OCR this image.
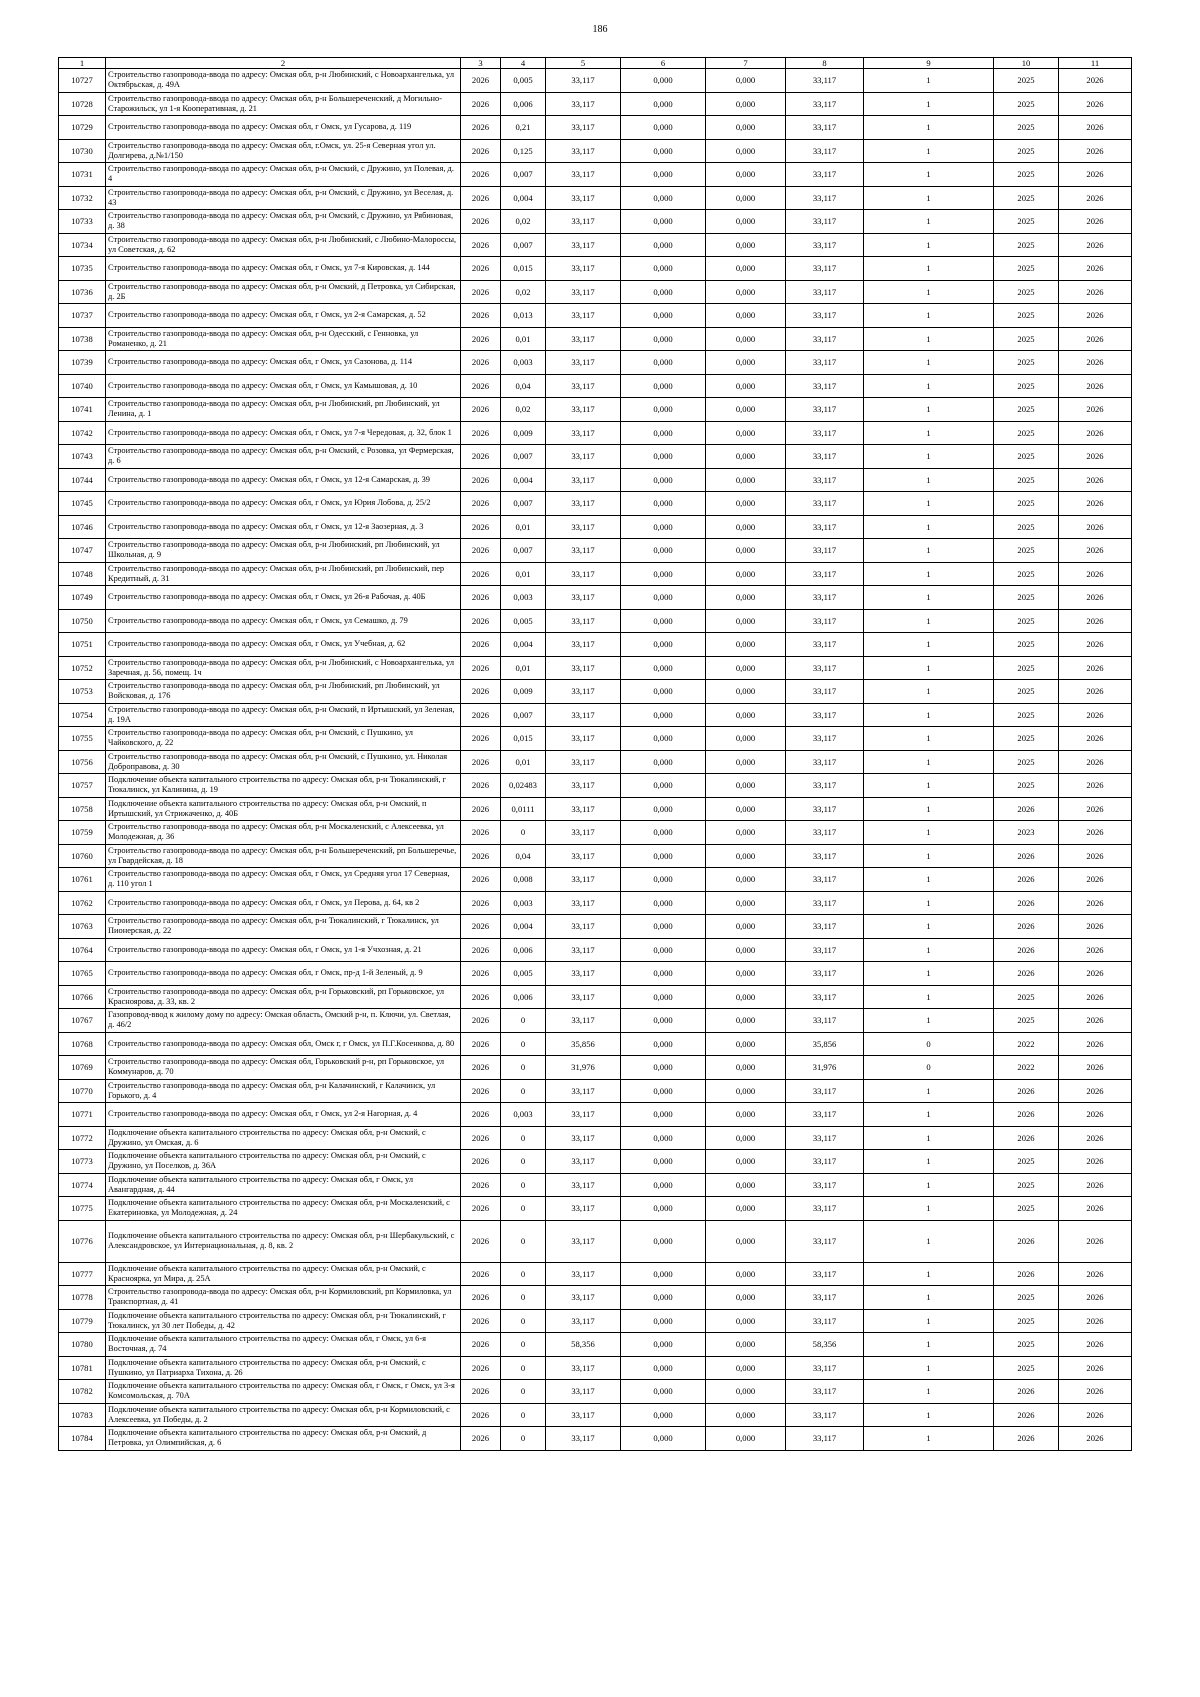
186
1	2	3	4	5	6	7	8	9	10	11
10727	Строительство газопровода-ввода по адресу: Омская обл, р-н Любинский, с Новоархангелька, ул Октябрьская, д. 49А	2026	0,005	33,117	0,000	0,000	33,117	1	2025	2026
10728	Строительство газопровода-ввода по адресу: Омская обл, р-н Большереченский, д Могильно-Старожильск, ул 1-я Кооперативная, д. 21	2026	0,006	33,117	0,000	0,000	33,117	1	2025	2026
10729	Строительство газопровода-ввода по адресу: Омская обл, г Омск, ул Гусарова, д. 119	2026	0,21	33,117	0,000	0,000	33,117	1	2025	2026
10730	Строительство газопровода-ввода по адресу: Омская обл, г.Омск, ул. 25-я Северная угол ул. Долгирева, д.№1/150	2026	0,125	33,117	0,000	0,000	33,117	1	2025	2026
10731	Строительство газопровода-ввода по адресу: Омская обл, р-н Омский, с Дружино, ул Полевая, д. 4	2026	0,007	33,117	0,000	0,000	33,117	1	2025	2026
10732	Строительство газопровода-ввода по адресу: Омская обл, р-н Омский, с Дружино, ул Веселая, д. 43	2026	0,004	33,117	0,000	0,000	33,117	1	2025	2026
10733	Строительство газопровода-ввода по адресу: Омская обл, р-н Омский, с Дружино, ул Рябиновая, д. 38	2026	0,02	33,117	0,000	0,000	33,117	1	2025	2026
10734	Строительство газопровода-ввода по адресу: Омская обл, р-н Любинский, с Любино-Малороссы, ул Советская, д. 62	2026	0,007	33,117	0,000	0,000	33,117	1	2025	2026
10735	Строительство газопровода-ввода по адресу: Омская обл, г Омск, ул 7-я Кировская, д. 144	2026	0,015	33,117	0,000	0,000	33,117	1	2025	2026
10736	Строительство газопровода-ввода по адресу: Омская обл, р-н Омский, д Петровка, ул Сибирская, д. 2Б	2026	0,02	33,117	0,000	0,000	33,117	1	2025	2026
10737	Строительство газопровода-ввода по адресу: Омская обл, г Омск, ул 2-я Самарская, д. 52	2026	0,013	33,117	0,000	0,000	33,117	1	2025	2026
10738	Строительство газопровода-ввода по адресу: Омская обл, р-н Одесский, с Генновка, ул Романенко, д. 21	2026	0,01	33,117	0,000	0,000	33,117	1	2025	2026
10739	Строительство газопровода-ввода по адресу: Омская обл, г Омск, ул Сазонова, д. 114	2026	0,003	33,117	0,000	0,000	33,117	1	2025	2026
10740	Строительство газопровода-ввода по адресу: Омская обл, г Омск, ул Камышовая, д. 10	2026	0,04	33,117	0,000	0,000	33,117	1	2025	2026
10741	Строительство газопровода-ввода по адресу: Омская обл, р-н Любинский, рп Любинский, ул Ленина, д. 1	2026	0,02	33,117	0,000	0,000	33,117	1	2025	2026
10742	Строительство газопровода-ввода по адресу: Омская обл, г Омск, ул 7-я Чередовая, д. 32, блок 1	2026	0,009	33,117	0,000	0,000	33,117	1	2025	2026
10743	Строительство газопровода-ввода по адресу: Омская обл, р-н Омский, с Розовка, ул Фермерская, д. 6	2026	0,007	33,117	0,000	0,000	33,117	1	2025	2026
10744	Строительство газопровода-ввода по адресу: Омская обл, г Омск, ул 12-я Самарская, д. 39	2026	0,004	33,117	0,000	0,000	33,117	1	2025	2026
10745	Строительство газопровода-ввода по адресу: Омская обл, г Омск, ул Юрия Лобова, д. 25/2	2026	0,007	33,117	0,000	0,000	33,117	1	2025	2026
10746	Строительство газопровода-ввода по адресу: Омская обл, г Омск, ул 12-я Заозерная, д. 3	2026	0,01	33,117	0,000	0,000	33,117	1	2025	2026
10747	Строительство газопровода-ввода по адресу: Омская обл, р-н Любинский, рп Любинский, ул Школьная, д. 9	2026	0,007	33,117	0,000	0,000	33,117	1	2025	2026
10748	Строительство газопровода-ввода по адресу: Омская обл, р-н Любинский, рп Любинский, пер Кредитный, д. 31	2026	0,01	33,117	0,000	0,000	33,117	1	2025	2026
10749	Строительство газопровода-ввода по адресу: Омская обл, г Омск, ул 26-я Рабочая, д. 40Б	2026	0,003	33,117	0,000	0,000	33,117	1	2025	2026
10750	Строительство газопровода-ввода по адресу: Омская обл, г Омск, ул Семашко, д. 79	2026	0,005	33,117	0,000	0,000	33,117	1	2025	2026
10751	Строительство газопровода-ввода по адресу: Омская обл, г Омск, ул Учебная, д. 62	2026	0,004	33,117	0,000	0,000	33,117	1	2025	2026
10752	Строительство газопровода-ввода по адресу: Омская обл, р-н Любинский, с Новоархангелька, ул Заречная, д. 56, помещ. 1ч	2026	0,01	33,117	0,000	0,000	33,117	1	2025	2026
10753	Строительство газопровода-ввода по адресу: Омская обл, р-н Любинский, рп Любинский, ул Войсковая, д. 176	2026	0,009	33,117	0,000	0,000	33,117	1	2025	2026
10754	Строительство газопровода-ввода по адресу: Омская обл, р-н Омский, п Иртышский, ул Зеленая, д. 19А	2026	0,007	33,117	0,000	0,000	33,117	1	2025	2026
10755	Строительство газопровода-ввода по адресу: Омская обл, р-н Омский, с Пушкино, ул Чайковского, д. 22	2026	0,015	33,117	0,000	0,000	33,117	1	2025	2026
10756	Строительство газопровода-ввода по адресу: Омская обл, р-н Омский, с Пушкино, ул. Николая Доброправова, д. 30	2026	0,01	33,117	0,000	0,000	33,117	1	2025	2026
10757	Подключение объекта капитального строительства по адресу: Омская обл, р-н Тюкалинский, г Тюкалинск, ул Калинина, д. 19	2026	0,02483	33,117	0,000	0,000	33,117	1	2025	2026
10758	Подключение объекта капитального строительства по адресу: Омская обл, р-н Омский, п Иртышский, ул Стрижаченко, д. 40Б	2026	0,0111	33,117	0,000	0,000	33,117	1	2026	2026
10759	Строительство газопровода-ввода по адресу: Омская обл, р-н Москаленский, с Алексеевка, ул Молодежная, д. 36	2026	0	33,117	0,000	0,000	33,117	1	2023	2026
10760	Строительство газопровода-ввода по адресу: Омская обл, р-н Большереченский, рп Большеречье, ул Гвардейская, д. 18	2026	0,04	33,117	0,000	0,000	33,117	1	2026	2026
10761	Строительство газопровода-ввода по адресу: Омская обл, г Омск, ул Средняя угол 17 Северная, д. 110 угол 1	2026	0,008	33,117	0,000	0,000	33,117	1	2026	2026
10762	Строительство газопровода-ввода по адресу: Омская обл, г Омск, ул Перова, д. 64, кв 2	2026	0,003	33,117	0,000	0,000	33,117	1	2026	2026
10763	Строительство газопровода-ввода по адресу: Омская обл, р-н Тюкалинский, г Тюкалинск, ул Пионерская, д. 22	2026	0,004	33,117	0,000	0,000	33,117	1	2026	2026
10764	Строительство газопровода-ввода по адресу: Омская обл, г Омск, ул 1-я Учхозная, д. 21	2026	0,006	33,117	0,000	0,000	33,117	1	2026	2026
10765	Строительство газопровода-ввода по адресу: Омская обл, г Омск, пр-д 1-й Зеленый, д. 9	2026	0,005	33,117	0,000	0,000	33,117	1	2026	2026
10766	Строительство газопровода-ввода по адресу: Омская обл, р-н Горьковский, рп Горьковское, ул Красноярова, д. 33, кв. 2	2026	0,006	33,117	0,000	0,000	33,117	1	2025	2026
10767	Газопровод-ввод к жилому дому по адресу: Омская область, Омский р-н, п. Ключи, ул. Светлая, д. 46/2	2026	0	33,117	0,000	0,000	33,117	1	2025	2026
10768	Строительство газопровода-ввода по адресу: Омская обл, Омск г, г Омск, ул П.Г.Косенкова, д. 80	2026	0	35,856	0,000	0,000	35,856	0	2022	2026
10769	Строительство газопровода-ввода по адресу: Омская обл, Горьковский р-н, рп Горьковское, ул Коммунаров, д. 70	2026	0	31,976	0,000	0,000	31,976	0	2022	2026
10770	Строительство газопровода-ввода по адресу: Омская обл, р-н Калачинский, г Калачинск, ул Горького, д. 4	2026	0	33,117	0,000	0,000	33,117	1	2026	2026
10771	Строительство газопровода-ввода по адресу: Омская обл, г Омск, ул 2-я Нагорная, д. 4	2026	0,003	33,117	0,000	0,000	33,117	1	2026	2026
10772	Подключение объекта капитального строительства по адресу: Омская обл, р-н Омский, с Дружино, ул Омская, д. 6	2026	0	33,117	0,000	0,000	33,117	1	2026	2026
10773	Подключение объекта капитального строительства по адресу: Омская обл, р-н Омский, с Дружино, ул Поселков, д. 36А	2026	0	33,117	0,000	0,000	33,117	1	2025	2026
10774	Подключение объекта капитального строительства по адресу: Омская обл, г Омск, ул Авангардная, д. 44	2026	0	33,117	0,000	0,000	33,117	1	2025	2026
10775	Подключение объекта капитального строительства по адресу: Омская обл, р-н Москаленский, с Екатериновка, ул Молодежная, д. 24	2026	0	33,117	0,000	0,000	33,117	1	2025	2026
10776	Подключение объекта капитального строительства по адресу: Омская обл, р-н Шербакульский, с Александровское, ул Интернациональная, д. 8, кв. 2	2026	0	33,117	0,000	0,000	33,117	1	2026	2026
10777	Подключение объекта капитального строительства по адресу: Омская обл, р-н Омский, с Красноярка, ул Мира, д. 25А	2026	0	33,117	0,000	0,000	33,117	1	2026	2026
10778	Строительство газопровода-ввода по адресу: Омская обл, р-н Кормиловский, рп Кормиловка, ул Транспортная, д. 41	2026	0	33,117	0,000	0,000	33,117	1	2025	2026
10779	Подключение объекта капитального строительства по адресу: Омская обл, р-н Тюкалинский, г Тюкалинск, ул 30 лет Победы, д. 42	2026	0	33,117	0,000	0,000	33,117	1	2025	2026
10780	Подключение объекта капитального строительства по адресу: Омская обл, г Омск, ул 6-я Восточная, д. 74	2026	0	58,356	0,000	0,000	58,356	1	2025	2026
10781	Подключение объекта капитального строительства по адресу: Омская обл, р-н Омский, с Пушкино, ул Патриарха Тихона, д. 26	2026	0	33,117	0,000	0,000	33,117	1	2025	2026
10782	Подключение объекта капитального строительства по адресу: Омская обл, г Омск, г Омск, ул 3-я Комсомольская, д. 70А	2026	0	33,117	0,000	0,000	33,117	1	2026	2026
10783	Подключение объекта капитального строительства по адресу: Омская обл, р-н Кормиловский, с Алексеевка, ул Победы, д. 2	2026	0	33,117	0,000	0,000	33,117	1	2026	2026
10784	Подключение объекта капитального строительства по адресу: Омская обл, р-н Омский, д Петровка, ул Олимпийская, д. 6	2026	0	33,117	0,000	0,000	33,117	1	2026	2026
